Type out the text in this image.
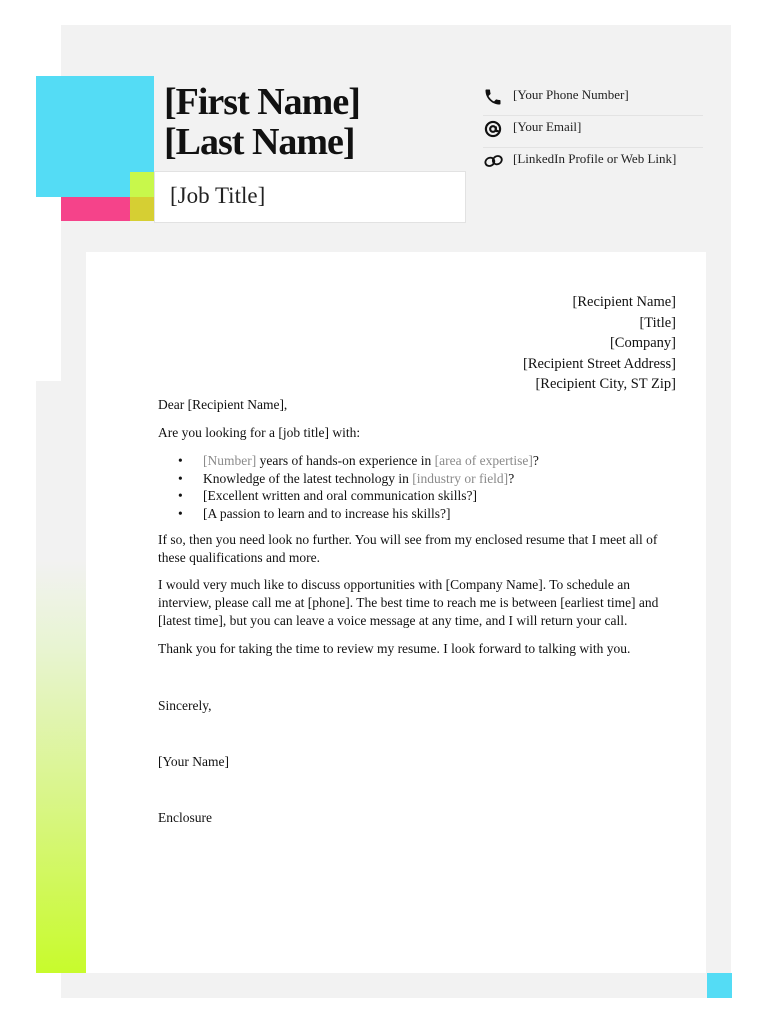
[First Name]
[Last Name]
[Job Title]
[Your Phone Number]
[Your Email]
[LinkedIn Profile or Web Link]
[Recipient Name]
[Title]
[Company]
[Recipient Street Address]
[Recipient City, ST Zip]
Dear [Recipient Name],
Are you looking for a [job title] with:
• [Number] years of hands-on experience in [area of expertise]?
• Knowledge of the latest technology in [industry or field]?
• [Excellent written and oral communication skills?]
• [A passion to learn and to increase his skills?]
If so, then you need look no further. You will see from my enclosed resume that I meet all of these qualifications and more.
I would very much like to discuss opportunities with [Company Name]. To schedule an interview, please call me at [phone]. The best time to reach me is between [earliest time] and [latest time], but you can leave a voice message at any time, and I will return your call.
Thank you for taking the time to review my resume. I look forward to talking with you.
Sincerely,
[Your Name]
Enclosure
